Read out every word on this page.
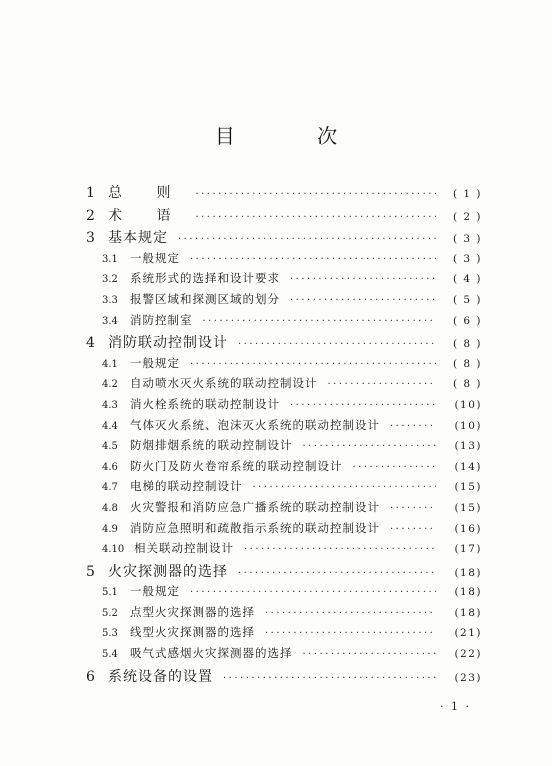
目 次
1 总 则 ·····	( 1 )
2 术 语 ·····	( 2 )
3 基本规定 ·····	( 3 )
3.1	一般规定 ·····	( 3 )
3.2	系统形式的选择和设计要求 ·····	( 4 )
3.3	报警区域和探测区域的划分 ·····	( 5 )
3.4	消防控制室 ·····	( 6 )
4 消防联动控制设计 ·····	( 8 )
4.1	一般规定 ·····	( 8 )
4.2	自动喷水灭火系统的联动控制设计 ·····	( 8 )
4.3	消火栓系统的联动控制设计 ·····	(10)
4.4	气体灭火系统、泡沫灭火系统的联动控制设计 ·····	(10)
4.5	防烟排烟系统的联动控制设计 ·····	(13)
4.6	防火门及防火卷帘系统的联动控制设计 ·····	(14)
4.7	电梯的联动控制设计 ·····	(15)
4.8	火灾警报和消防应急广播系统的联动控制设计 ·····	(15)
4.9	消防应急照明和疏散指示系统的联动控制设计 ·····	(16)
4.10 相关联动控制设计 ·····	(17)
5 火灾探测器的选择 ·····	(18)
5.1	一般规定 ·····	(18)
5.2	点型火灾探测器的选择 ·····	(18)
5.3	线型火灾探测器的选择 ·····	(21)
5.4	吸气式感烟火灾探测器的选择 ·····	(22)
6 系统设备的设置 ·····	(23)
· 1 ·
